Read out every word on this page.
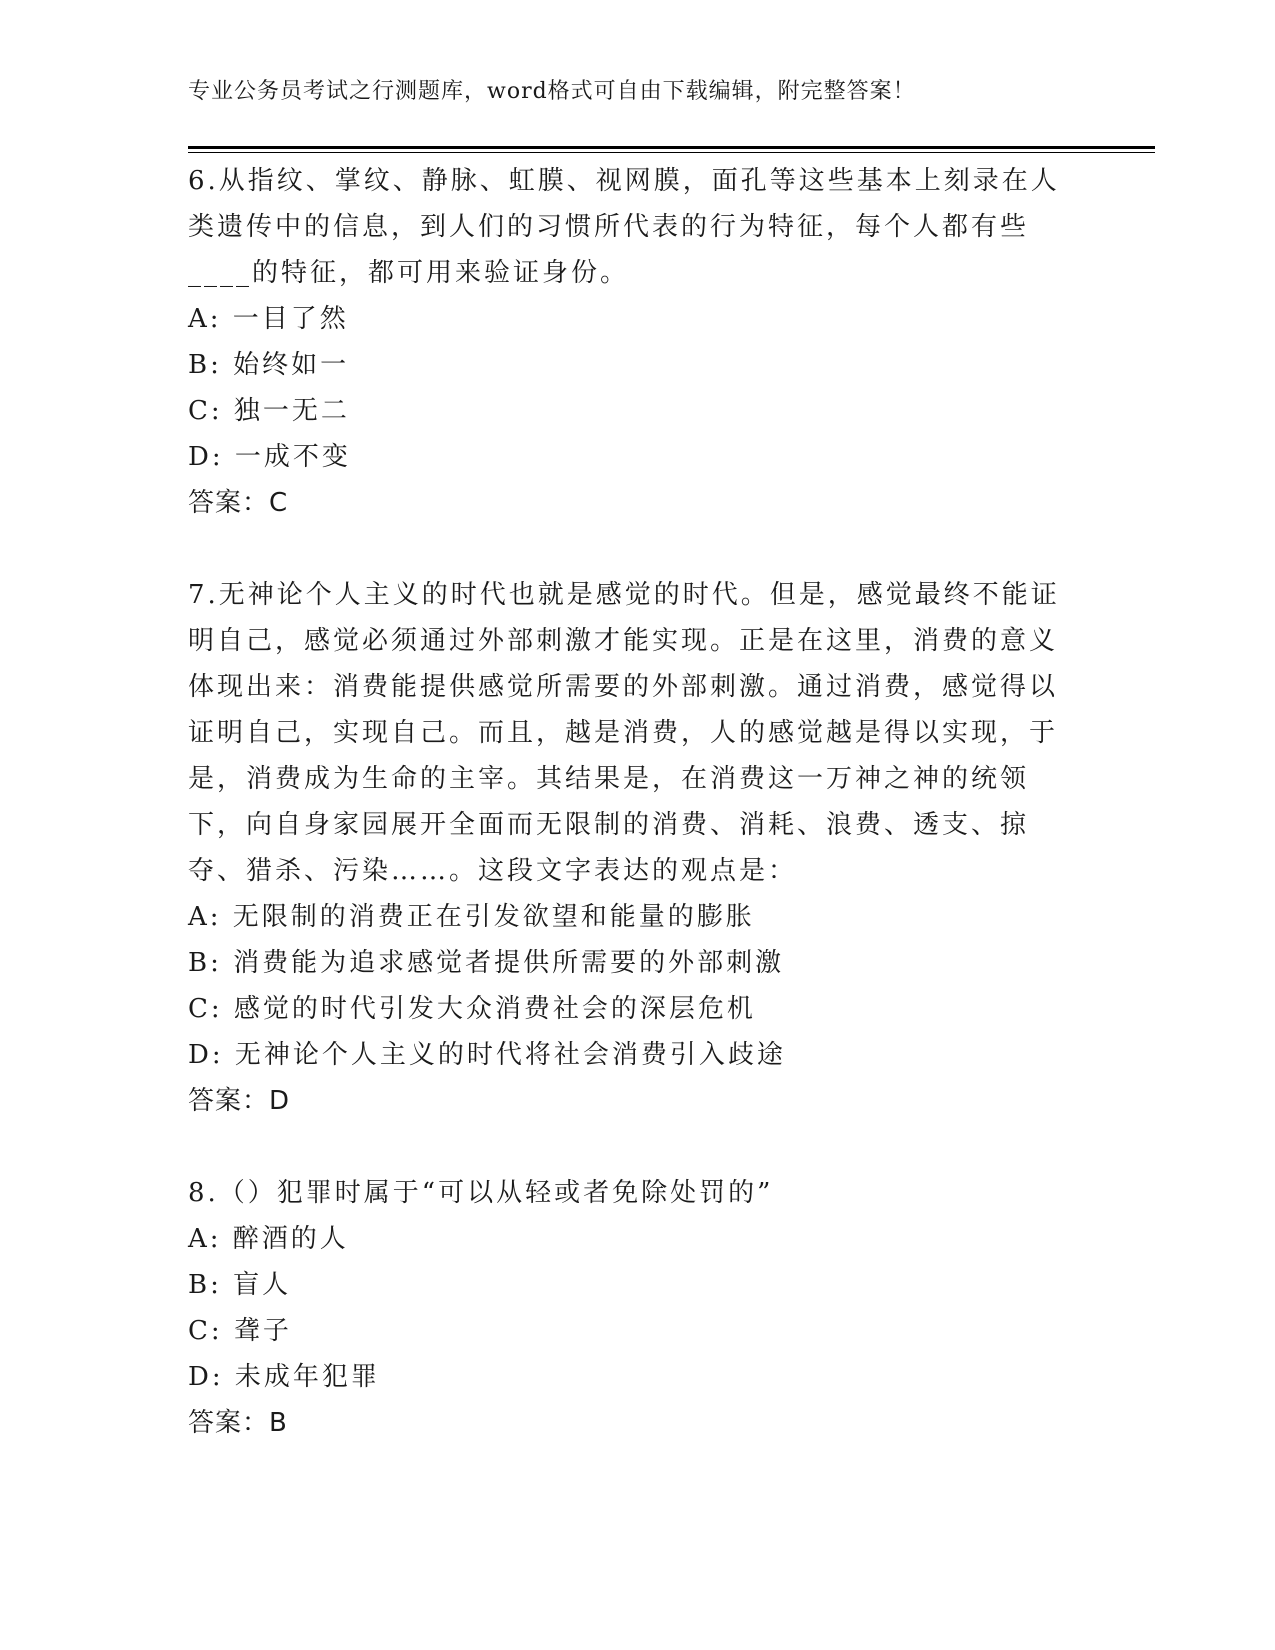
专业公务员考试之行测题库，word格式可自由下载编辑，附完整答案！

6.从指纹、掌纹、静脉、虹膜、视网膜，面孔等这些基本上刻录在人类遗传中的信息，到人们的习惯所代表的行为特征，每个人都有些____的特征，都可用来验证身份。

A: 一目了然

B: 始终如一

C: 独一无二

D: 一成不变

答案：C

7.无神论个人主义的时代也就是感觉的时代。但是，感觉最终不能证明自己，感觉必须通过外部刺激才能实现。正是在这里，消费的意义体现出来：消费能提供感觉所需要的外部刺激。通过消费，感觉得以证明自己，实现自己。而且，越是消费，人的感觉越是得以实现，于是，消费成为生命的主宰。其结果是，在消费这一万神之神的统领下，向自身家园展开全面而无限制的消费、消耗、浪费、透支、掠夺、猎杀、污染……。这段文字表达的观点是：

A: 无限制的消费正在引发欲望和能量的膨胀

B: 消费能为追求感觉者提供所需要的外部刺激

C: 感觉的时代引发大众消费社会的深层危机

D: 无神论个人主义的时代将社会消费引入歧途

答案：D

8.（）犯罪时属于“可以从轻或者免除处罚的”

A: 醉酒的人

B: 盲人

C: 聋子

D: 未成年犯罪

答案：B
